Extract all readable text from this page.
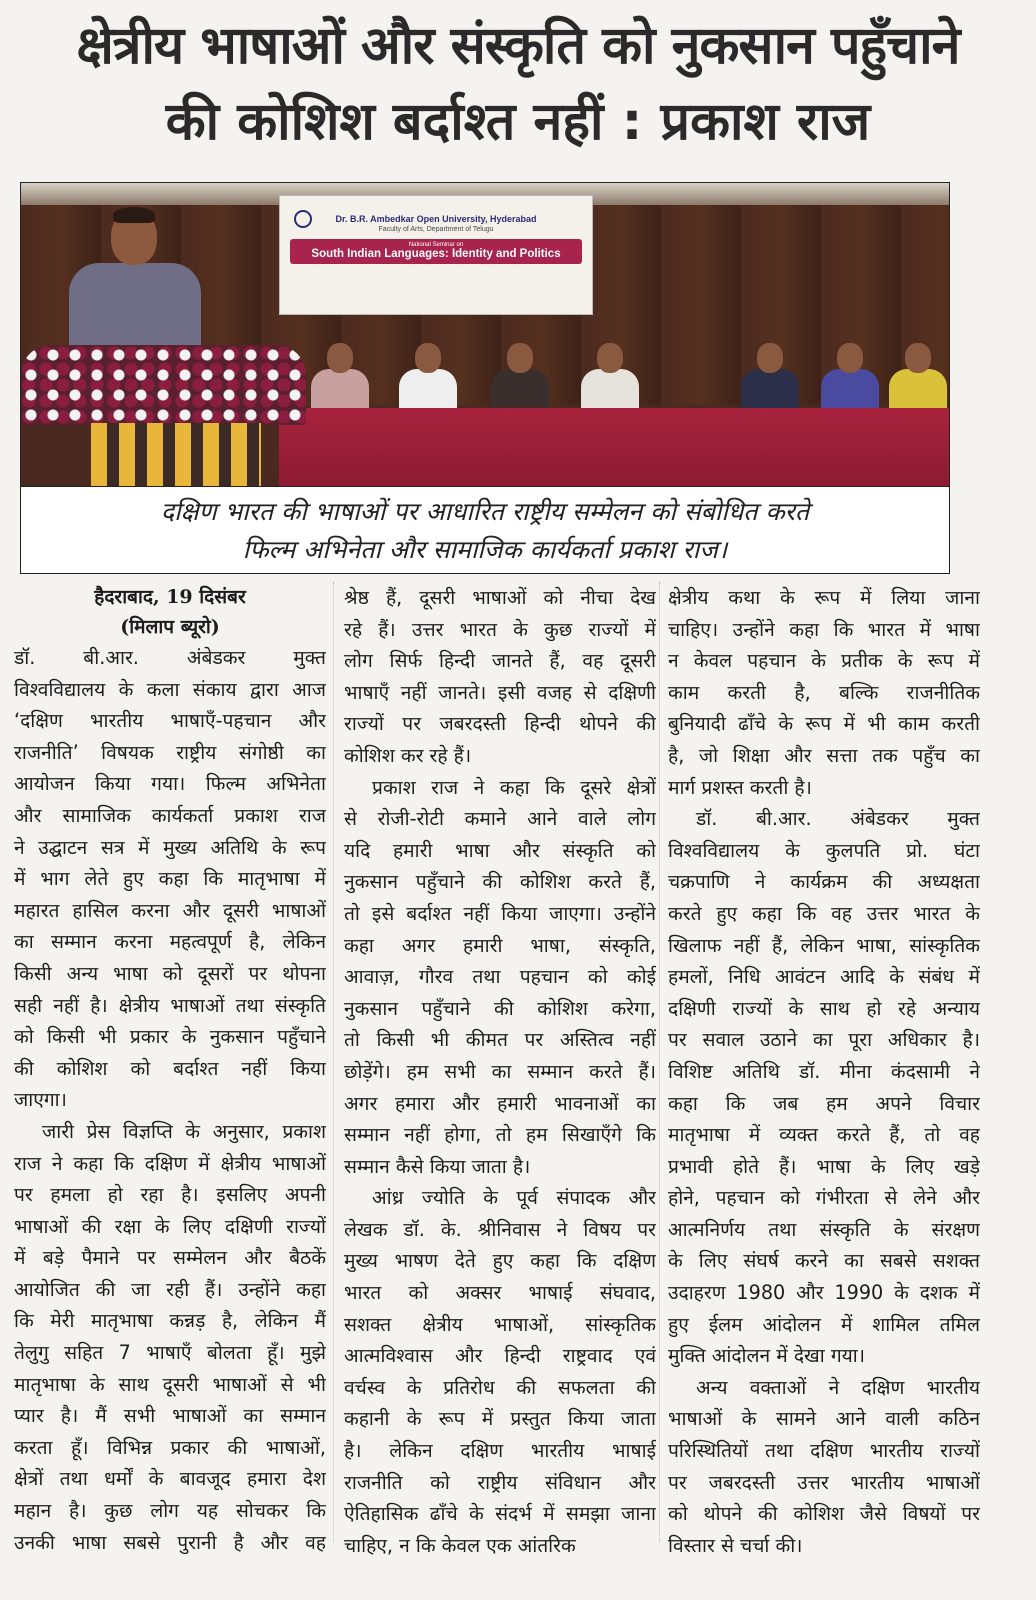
क्षेत्रीय भाषाओं और संस्कृति को नुकसान पहुँचाने
की कोशिश बर्दाश्त नहीं : प्रकाश राज
Dr. B.R. Ambedkar Open University, Hyderabad
Faculty of Arts, Department of Telugu
National Seminar on
South Indian Languages: Identity and Politics
दक्षिण भारत की भाषाओं पर आधारित राष्ट्रीय सम्मेलन को संबोधित करते
फिल्म अभिनेता और सामाजिक कार्यकर्ता प्रकाश राज।
हैदराबाद, 19 दिसंबर
(मिलाप ब्यूरो)
डॉ. बी.आर. अंबेडकर मुक्त
विश्वविद्यालय के कला संकाय द्वारा आज
‘दक्षिण भारतीय भाषाएँ-पहचान और
राजनीति’ विषयक राष्ट्रीय संगोष्ठी का
आयोजन किया गया। फिल्म अभिनेता
और सामाजिक कार्यकर्ता प्रकाश राज
ने उद्घाटन सत्र में मुख्य अतिथि के रूप
में भाग लेते हुए कहा कि मातृभाषा में
महारत हासिल करना और दूसरी भाषाओं
का सम्मान करना महत्वपूर्ण है, लेकिन
किसी अन्य भाषा को दूसरों पर थोपना
सही नहीं है। क्षेत्रीय भाषाओं तथा संस्कृति
को किसी भी प्रकार के नुकसान पहुँचाने
की कोशिश को बर्दाश्त नहीं किया
जाएगा।
जारी प्रेस विज्ञप्ति के अनुसार, प्रकाश
राज ने कहा कि दक्षिण में क्षेत्रीय भाषाओं
पर हमला हो रहा है। इसलिए अपनी
भाषाओं की रक्षा के लिए दक्षिणी राज्यों
में बड़े पैमाने पर सम्मेलन और बैठकें
आयोजित की जा रही हैं। उन्होंने कहा
कि मेरी मातृभाषा कन्नड़ है, लेकिन मैं
तेलुगु सहित 7 भाषाएँ बोलता हूँ। मुझे
मातृभाषा के साथ दूसरी भाषाओं से भी
प्यार है। मैं सभी भाषाओं का सम्मान
करता हूँ। विभिन्न प्रकार की भाषाओं,
क्षेत्रों तथा धर्मों के बावजूद हमारा देश
महान है। कुछ लोग यह सोचकर कि
उनकी भाषा सबसे पुरानी है और वह
श्रेष्ठ हैं, दूसरी भाषाओं को नीचा देख
रहे हैं। उत्तर भारत के कुछ राज्यों में
लोग सिर्फ हिन्दी जानते हैं, वह दूसरी
भाषाएँ नहीं जानते। इसी वजह से दक्षिणी
राज्यों पर जबरदस्ती हिन्दी थोपने की
कोशिश कर रहे हैं।
प्रकाश राज ने कहा कि दूसरे क्षेत्रों
से रोजी-रोटी कमाने आने वाले लोग
यदि हमारी भाषा और संस्कृति को
नुकसान पहुँचाने की कोशिश करते हैं,
तो इसे बर्दाश्त नहीं किया जाएगा। उन्होंने
कहा अगर हमारी भाषा, संस्कृति,
आवाज़, गौरव तथा पहचान को कोई
नुकसान पहुँचाने की कोशिश करेगा,
तो किसी भी कीमत पर अस्तित्व नहीं
छोड़ेंगे। हम सभी का सम्मान करते हैं।
अगर हमारा और हमारी भावनाओं का
सम्मान नहीं होगा, तो हम सिखाएँगे कि
सम्मान कैसे किया जाता है।
आंध्र ज्योति के पूर्व संपादक और
लेखक डॉ. के. श्रीनिवास ने विषय पर
मुख्य भाषण देते हुए कहा कि दक्षिण
भारत को अक्सर भाषाई संघवाद,
सशक्त क्षेत्रीय भाषाओं, सांस्कृतिक
आत्मविश्वास और हिन्दी राष्ट्रवाद एवं
वर्चस्व के प्रतिरोध की सफलता की
कहानी के रूप में प्रस्तुत किया जाता
है। लेकिन दक्षिण भारतीय भाषाई
राजनीति को राष्ट्रीय संविधान और
ऐतिहासिक ढाँचे के संदर्भ में समझा जाना
चाहिए, न कि केवल एक आंतरिक
क्षेत्रीय कथा के रूप में लिया जाना
चाहिए। उन्होंने कहा कि भारत में भाषा
न केवल पहचान के प्रतीक के रूप में
काम करती है, बल्कि राजनीतिक
बुनियादी ढाँचे के रूप में भी काम करती
है, जो शिक्षा और सत्ता तक पहुँच का
मार्ग प्रशस्त करती है।
डॉ. बी.आर. अंबेडकर मुक्त
विश्वविद्यालय के कुलपति प्रो. घंटा
चक्रपाणि ने कार्यक्रम की अध्यक्षता
करते हुए कहा कि वह उत्तर भारत के
खिलाफ नहीं हैं, लेकिन भाषा, सांस्कृतिक
हमलों, निधि आवंटन आदि के संबंध में
दक्षिणी राज्यों के साथ हो रहे अन्याय
पर सवाल उठाने का पूरा अधिकार है।
विशिष्ट अतिथि डॉ. मीना कंदसामी ने
कहा कि जब हम अपने विचार
मातृभाषा में व्यक्त करते हैं, तो वह
प्रभावी होते हैं। भाषा के लिए खड़े
होने, पहचान को गंभीरता से लेने और
आत्मनिर्णय तथा संस्कृति के संरक्षण
के लिए संघर्ष करने का सबसे सशक्त
उदाहरण 1980 और 1990 के दशक में
हुए ईलम आंदोलन में शामिल तमिल
मुक्ति आंदोलन में देखा गया।
अन्य वक्ताओं ने दक्षिण भारतीय
भाषाओं के सामने आने वाली कठिन
परिस्थितियों तथा दक्षिण भारतीय राज्यों
पर जबरदस्ती उत्तर भारतीय भाषाओं
को थोपने की कोशिश जैसे विषयों पर
विस्तार से चर्चा की।
